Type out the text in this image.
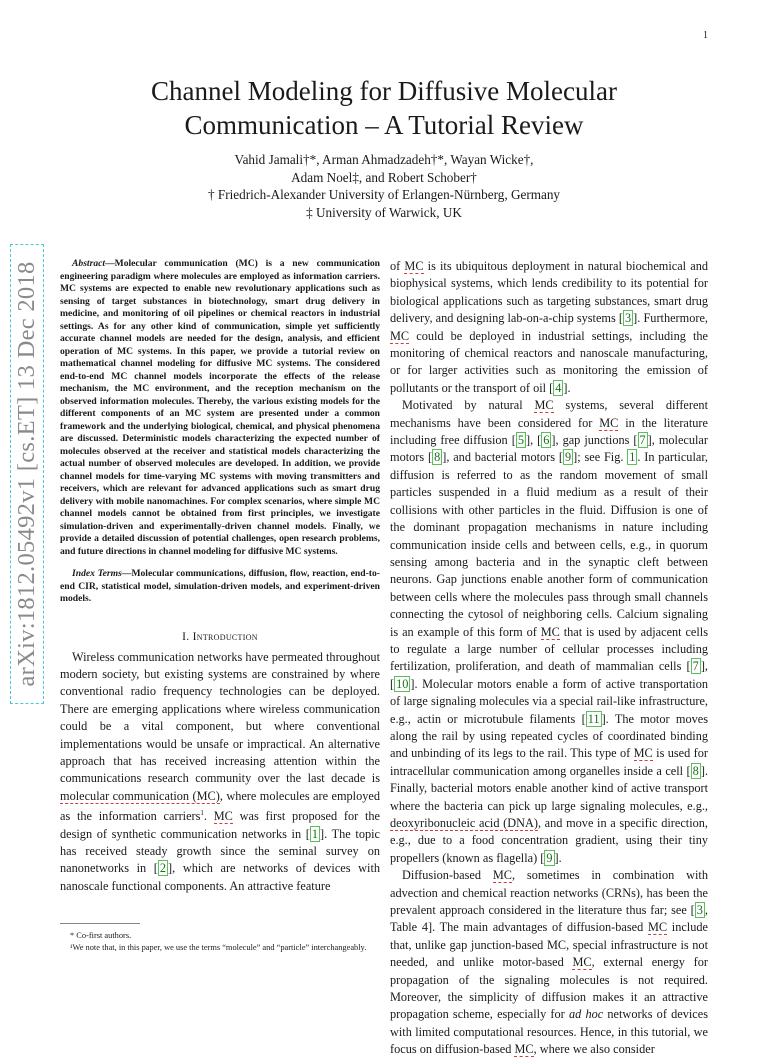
1
arXiv:1812.05492v1 [cs.ET] 13 Dec 2018
Channel Modeling for Diffusive Molecular
Communication – A Tutorial Review
Vahid Jamali†*, Arman Ahmadzadeh†*, Wayan Wicke†,
Adam Noel‡, and Robert Schober†
† Friedrich-Alexander University of Erlangen-Nürnberg, Germany
‡ University of Warwick, UK

Abstract—Molecular communication (MC) is a new communication engineering paradigm where molecules are employed as information carriers. MC systems are expected to enable new revolutionary applications such as sensing of target substances in biotechnology, smart drug delivery in medicine, and monitoring of oil pipelines or chemical reactors in industrial settings. As for any other kind of communication, simple yet sufficiently accurate channel models are needed for the design, analysis, and efficient operation of MC systems. In this paper, we provide a tutorial review on mathematical channel modeling for diffusive MC systems. The considered end-to-end MC channel models incorporate the effects of the release mechanism, the MC environment, and the reception mechanism on the observed information molecules. Thereby, the various existing models for the different components of an MC system are presented under a common framework and the underlying biological, chemical, and physical phenomena are discussed. Deterministic models characterizing the expected number of molecules observed at the receiver and statistical models characterizing the actual number of observed molecules are developed. In addition, we provide channel models for time-varying MC systems with moving transmitters and receivers, which are relevant for advanced applications such as smart drug delivery with mobile nanomachines. For complex scenarios, where simple MC channel models cannot be obtained from first principles, we investigate simulation-driven and experimentally-driven channel models. Finally, we provide a detailed discussion of potential challenges, open research problems, and future directions in channel modeling for diffusive MC systems.

Index Terms—Molecular communications, diffusion, flow, reaction, end-to-end CIR, statistical model, simulation-driven models, and experiment-driven models.

I. Introduction

Wireless communication networks have permeated throughout modern society, but existing systems are constrained by where conventional radio frequency technologies can be deployed. There are emerging applications where wireless communication could be a vital component, but where conventional implementations would be unsafe or impractical. An alternative approach that has received increasing attention within the communications research community over the last decade is molecular communication (MC), where molecules are employed as the information carriers$^1$. MC was first proposed for the design of synthetic communication networks in [ 1 ]. The topic has received steady growth since the seminal survey on nanonetworks in [ 2 ], which are networks of devices with nanoscale functional components. An attractive feature

* Co-first authors.
¹We note that, in this paper, we use the terms “molecule” and “particle” interchangeably.

of MC is its ubiquitous deployment in natural biochemical and biophysical systems, which lends credibility to its potential for biological applications such as targeting substances, smart drug delivery, and designing lab-on-a-chip systems [ 3 ]. Furthermore, MC could be deployed in industrial settings, including the monitoring of chemical reactors and nanoscale manufacturing, or for larger activities such as monitoring the emission of pollutants or the transport of oil [ 4 ].

Motivated by natural MC systems, several different mechanisms have been considered for MC in the literature including free diffusion [ 5 ], [ 6 ], gap junctions [ 7 ], molecular motors [ 8 ], and bacterial motors [ 9 ]; see Fig. 1 . In particular, diffusion is referred to as the random movement of small particles suspended in a fluid medium as a result of their collisions with other particles in the fluid. Diffusion is one of the dominant propagation mechanisms in nature including communication inside cells and between cells, e.g., in quorum sensing among bacteria and in the synaptic cleft between neurons. Gap junctions enable another form of communication between cells where the molecules pass through small channels connecting the cytosol of neighboring cells. Calcium signaling is an example of this form of MC that is used by adjacent cells to regulate a large number of cellular processes including fertilization, proliferation, and death of mammalian cells [ 7 ], [ 10 ]. Molecular motors enable a form of active transportation of large signaling molecules via a special rail-like infrastructure, e.g., actin or microtubule filaments [ 11 ]. The motor moves along the rail by using repeated cycles of coordinated binding and unbinding of its legs to the rail. This type of MC is used for intracellular communication among organelles inside a cell [ 8 ]. Finally, bacterial motors enable another kind of active transport where the bacteria can pick up large signaling molecules, e.g., deoxyribonucleic acid (DNA), and move in a specific direction, e.g., due to a food concentration gradient, using their tiny propellers (known as flagella) [ 9 ].

Diffusion-based MC, sometimes in combination with advection and chemical reaction networks (CRNs), has been the prevalent approach considered in the literature thus far; see [ 3 , Table 4]. The main advantages of diffusion-based MC include that, unlike gap junction-based MC, special infrastructure is not needed, and unlike motor-based MC, external energy for propagation of the signaling molecules is not required. Moreover, the simplicity of diffusion makes it an attractive propagation scheme, especially for ad hoc networks of devices with limited computational resources. Hence, in this tutorial, we focus on diffusion-based MC, where we also consider
